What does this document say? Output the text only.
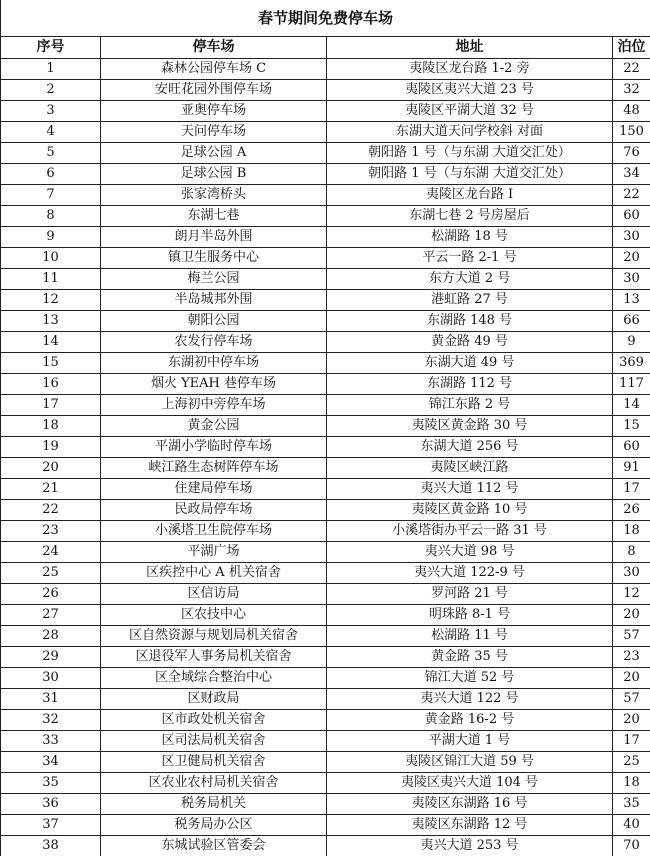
春节期间免费停车场			
序号	停车场	地址	泊位
1	森林公园停车场 C	夷陵区龙台路 1-2 旁	22
2	安旺花园外围停车场	夷陵区夷兴大道 23 号	32
3	亚奥停车场	夷陵区平湖大道 32 号	48
4	天问停车场	东湖大道天问学校斜 对面	150
5	足球公园 A	朝阳路 1 号（与东湖 大道交汇处）	76
6	足球公园 B	朝阳路 1 号（与东湖 大道交汇处）	34
7	张家湾桥头	夷陵区龙台路 I	22
8	东湖七巷	东湖七巷 2 号房屋后	60
9	朗月半岛外围	松湖路 18 号	30
10	镇卫生服务中心	平云一路 2-1 号	20
11	梅兰公园	东方大道 2 号	30
12	半岛城邦外围	港虹路 27 号	13
13	朝阳公园	东湖路 148 号	66
14	农发行停车场	黄金路 49 号	9
15	东湖初中停车场	东湖大道 49 号	369
16	烟火 YEAH 巷停车场	东湖路 112 号	117
17	上海初中旁停车场	锦江东路 2 号	14
18	黄金公园	夷陵区黄金路 30 号	15
19	平湖小学临时停车场	东湖大道 256 号	60
20	峡江路生态树阵停车场	夷陵区峡江路	91
21	住建局停车场	夷兴大道 112 号	17
22	民政局停车场	夷陵区黄金路 10 号	26
23	小溪塔卫生院停车场	小溪塔街办平云一路 31 号	18
24	平湖广场	夷兴大道 98 号	8
25	区疾控中心 A 机关宿舍	夷兴大道 122-9 号	30
26	区信访局	罗河路 21 号	12
27	区农技中心	明珠路 8-1 号	20
28	区自然资源与规划局机关宿舍	松湖路 11 号	57
29	区退役军人事务局机关宿舍	黄金路 35 号	23
30	区全域综合整治中心	锦江大道 52 号	20
31	区财政局	夷兴大道 122 号	57
32	区市政处机关宿舍	黄金路 16-2 号	20
33	区司法局机关宿舍	平湖大道 1 号	17
34	区卫健局机关宿舍	夷陵区锦江大道 59 号	25
35	区农业农村局机关宿舍	夷陵区夷兴大道 104 号	18
36	税务局机关	夷陵区东湖路 16 号	35
37	税务局办公区	夷陵区东湖路 12 号	40
38	东城试验区管委会	夷兴大道 253 号	70
